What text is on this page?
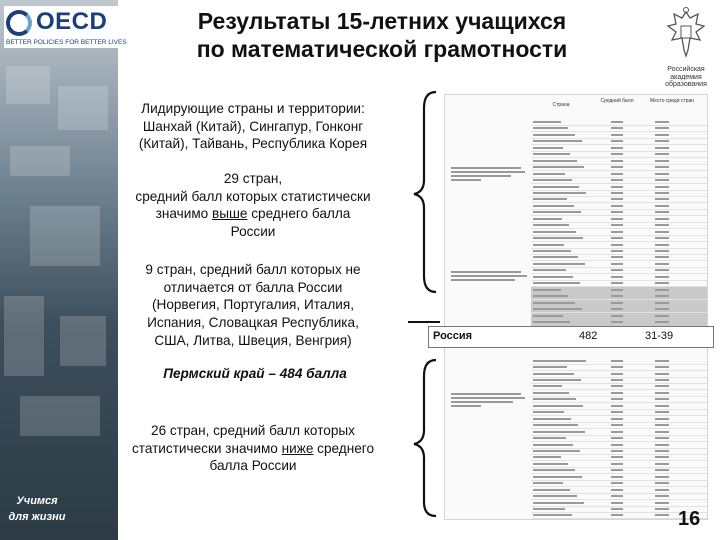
Учимся
для жизни
OECD
BETTER POLICIES FOR BETTER LIVES
Результаты 15-летних учащихся
по математической грамотности
Российская академия образования
Лидирующие страны и территории:
Шанхай (Китай), Сингапур, Гонконг
(Китай), Тайвань, Республика Корея
29 стран,
средний балл которых статистически
значимо выше среднего балла
России
9 стран, средний балл которых не
отличается от балла России
(Норвегия, Португалия, Италия,
Испания, Словацкая Республика,
США, Литва, Швеция, Венгрия)
Пермский край – 484 балла
26 стран, средний балл которых
статистически значимо ниже среднего
балла России
Страна
Средний балл	Место среди стран
Россия	482	31-39
16
